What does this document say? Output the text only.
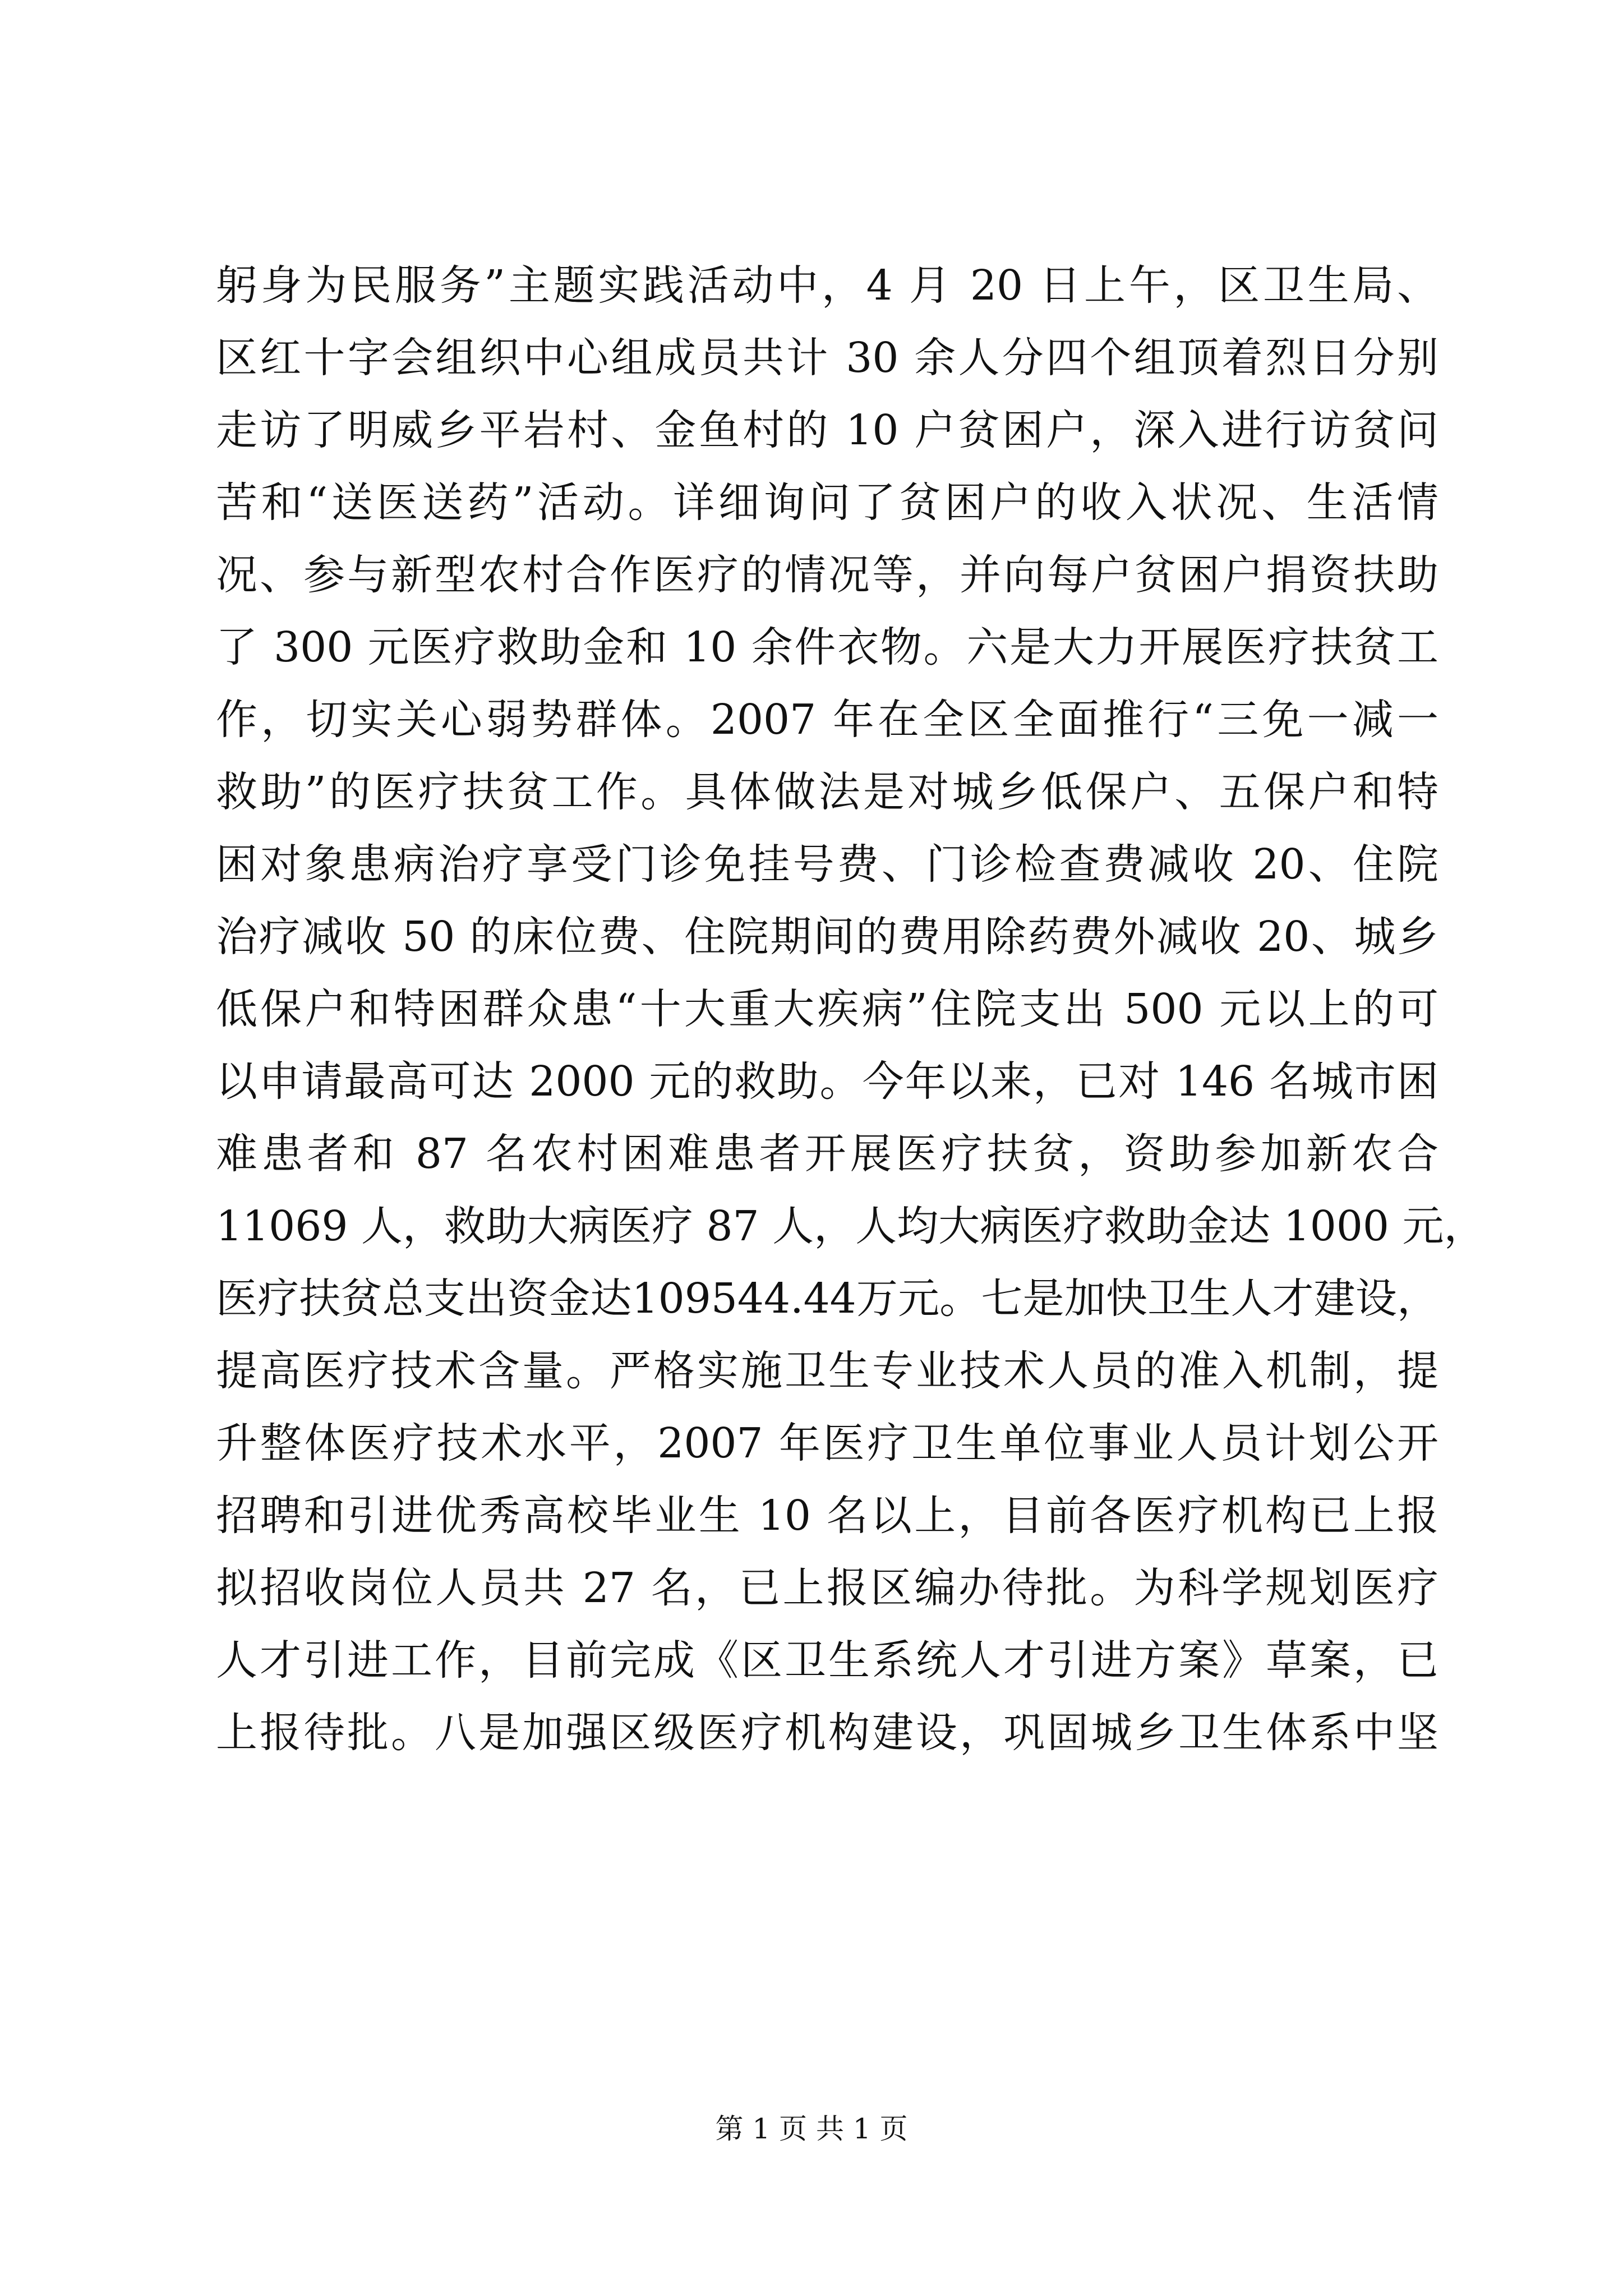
躬身为民服务”主题实践活动中，4 月 20 日上午，区卫生局、
区红十字会组织中心组成员共计 30 余人分四个组顶着烈日分别
走访了明威乡平岩村、金鱼村的 10 户贫困户，深入进行访贫问
苦和“送医送药”活动。详细询问了贫困户的收入状况、生活情
况、参与新型农村合作医疗的情况等，并向每户贫困户捐资扶助
了 300 元医疗救助金和 10 余件衣物。六是大力开展医疗扶贫工
作，切实关心弱势群体。2007 年在全区全面推行“三免一减一
救助”的医疗扶贫工作。具体做法是对城乡低保户、五保户和特
困对象患病治疗享受门诊免挂号费、门诊检查费减收 20、住院
治疗减收 50 的床位费、住院期间的费用除药费外减收 20、城乡
低保户和特困群众患“十大重大疾病”住院支出 500 元以上的可
以申请最高可达 2000 元的救助。今年以来，已对 146 名城市困
难患者和 87 名农村困难患者开展医疗扶贫，资助参加新农合
11069 人，救助大病医疗 87 人，人均大病医疗救助金达 1000 元，
医疗扶贫总支出资金达109544.44万元。七是加快卫生人才建设，
提高医疗技术含量。严格实施卫生专业技术人员的准入机制，提
升整体医疗技术水平，2007 年医疗卫生单位事业人员计划公开
招聘和引进优秀高校毕业生 10 名以上，目前各医疗机构已上报
拟招收岗位人员共 27 名，已上报区编办待批。为科学规划医疗
人才引进工作，目前完成《区卫生系统人才引进方案》草案，已
上报待批。八是加强区级医疗机构建设，巩固城乡卫生体系中坚
第 1 页 共 1 页
